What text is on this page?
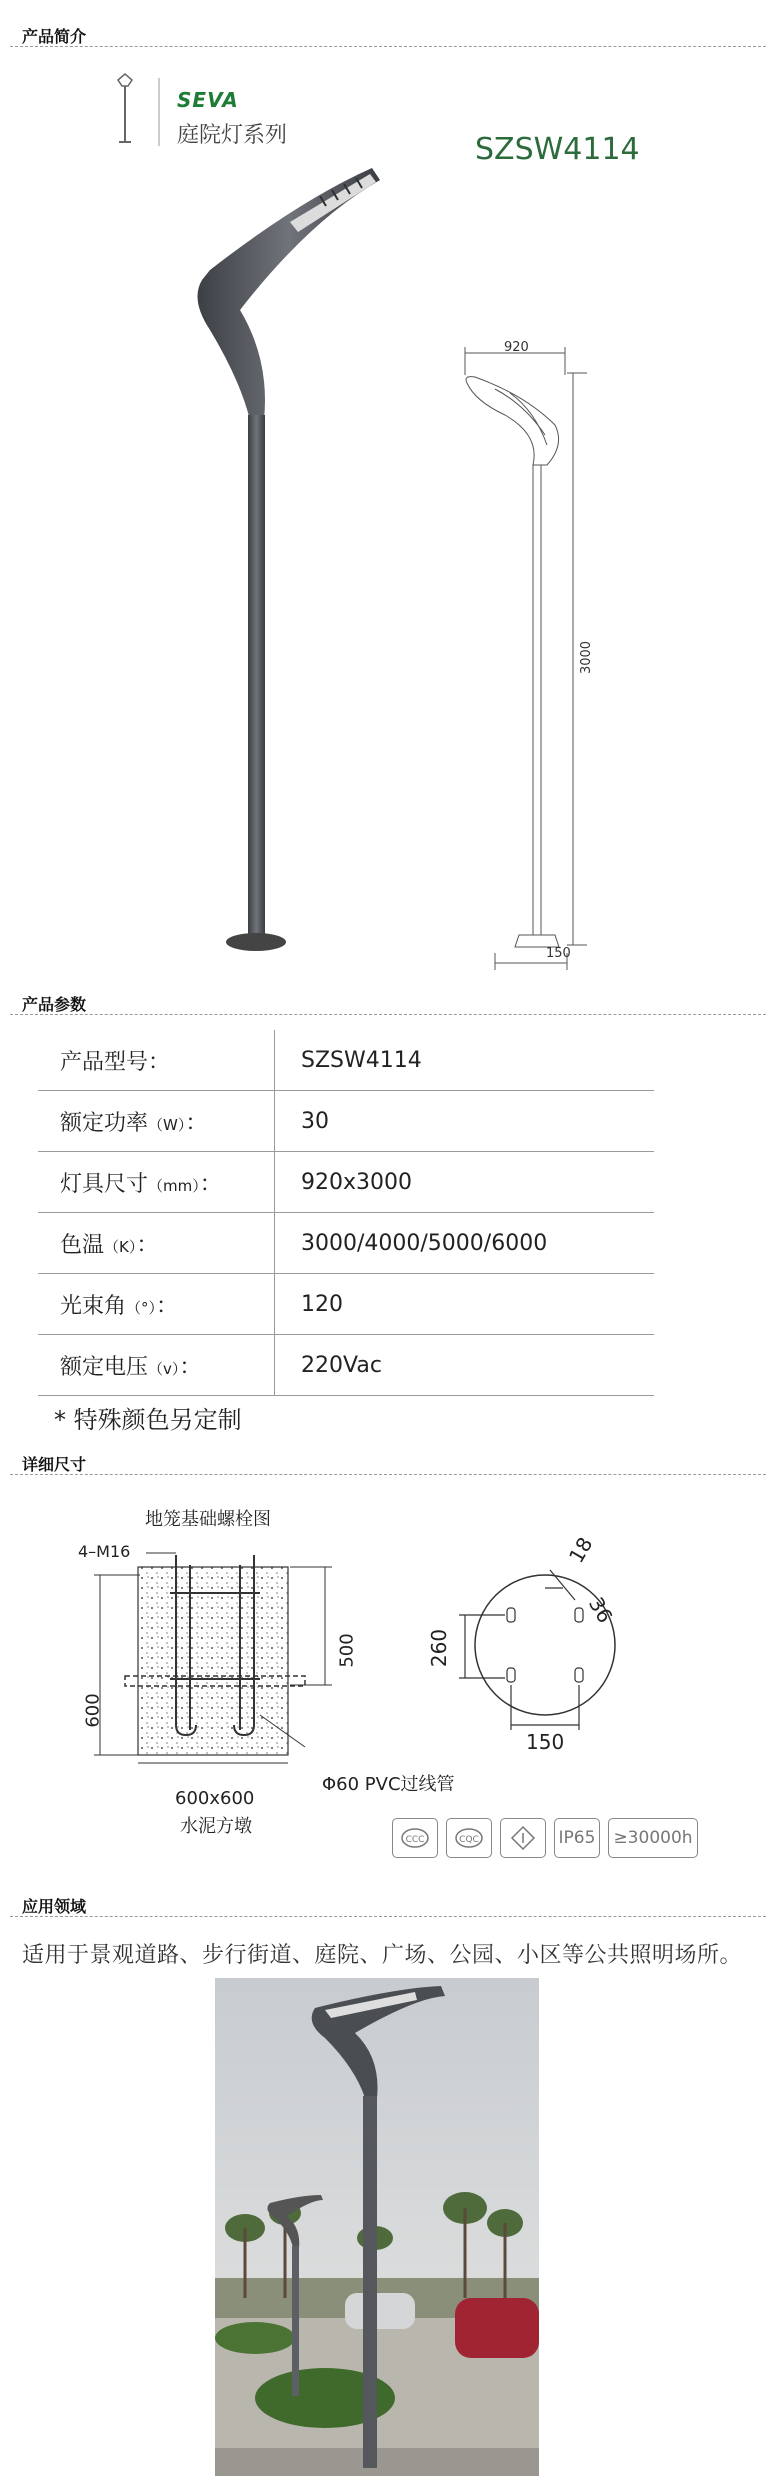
产品简介
SEVA
庭院灯系列	SZSW4114
920
3000
150
产品参数
产品型号：	SZSW4114
额定功率（W）：	30
灯具尺寸（mm）：	920x3000
色温（K）：	3000/4000/5000/6000
光束角（°）：	120
额定电压（v）：	220Vac
* 特殊颜色另定制
详细尺寸
地笼基础螺栓图
4–M16
500
600
Φ60 PVC过线管
600x600
水泥方墩
18
36
260
150
CCC	CQC	IP65	≥30000h
应用领域
适用于景观道路、步行街道、庭院、广场、公园、小区等公共照明场所。
